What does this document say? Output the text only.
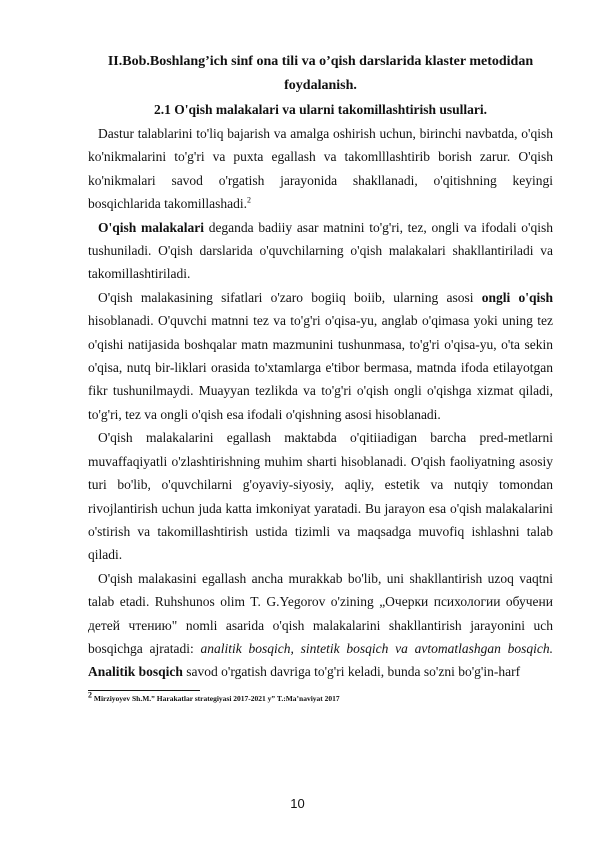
II.Bob.Boshlang’ich sinf ona tili va o’qish darslarida klaster metodidan foydalanish.

2.1 O'qish malakalari va ularni takomillashtirish usullari.

Dastur talablarini to'liq bajarish va amalga oshirish uchun, birinchi navbatda, o'qish ko'nikmalarini to'g'ri va puxta egallash va takomlllashtirib borish zarur. O'qish ko'nikmalari savod o'rgatish jarayonida shakllanadi, o'qitishning keyingi bosqichlarida takomillashadi.$^2$

O'qish malakalari deganda badiiy asar matnini to'g'ri, tez, ongli va ifodali o'qish tushuniladi. O'qish darslarida o'quvchilarning o'qish malakalari shakllantiriladi va takomillashtiriladi.

O'qish malakasining sifatlari o'zaro bogiiq boiib, ularning asosi ongli o'qish hisoblanadi. O'quvchi matnni tez va to'g'ri o'qisa-yu, anglab o'qimasa yoki uning tez o'qishi natijasida boshqalar matn mazmunini tushunmasa, to'g'ri o'qisa-yu, o'ta sekin o'qisa, nutq bir-liklari orasida to'xtamlarga e'tibor bermasa, matnda ifoda etilayotgan fikr tushunilmaydi. Muayyan tezlikda va to'g'ri o'qish ongli o'qishga xizmat qiladi, to'g'ri, tez va ongli o'qish esa ifodali o'qishning asosi hisoblanadi.

O'qish malakalarini egallash maktabda o'qitiiadigan barcha pred-metlarni muvaffaqiyatli o'zlashtirishning muhim sharti hisoblanadi. O'qish faoliyatning asosiy turi bo'lib, o'quvchilarni g'oyaviy-siyosiy, aqliy, estetik va nutqiy tomondan rivojlantirish uchun juda katta imkoniyat yaratadi. Bu jarayon esa o'qish malakalarini o'stirish va takomillashtirish ustida tizimli va maqsadga muvofiq ishlashni talab qiladi.

O'qish malakasini egallash ancha murakkab bo'lib, uni shakllantirish uzoq vaqtni talab etadi. Ruhshunos olim T. G.Yegorov o'zining „Очерки психологии обучени детей чтению" nomli asarida o'qish malakalarini shakllantirish jarayonini uch bosqichga ajratadi: analitik bosqich, sintetik bosqich va avtomatlashgan bosqich. Analitik bosqich savod o'rgatish davriga to'g'ri keladi, bunda so'zni bo'g'in-harf

$^2$ Mirziyoyev Sh.M.” Harakatlar strategiyasi 2017-2021 y” T.:Ma’naviyat 2017

10
